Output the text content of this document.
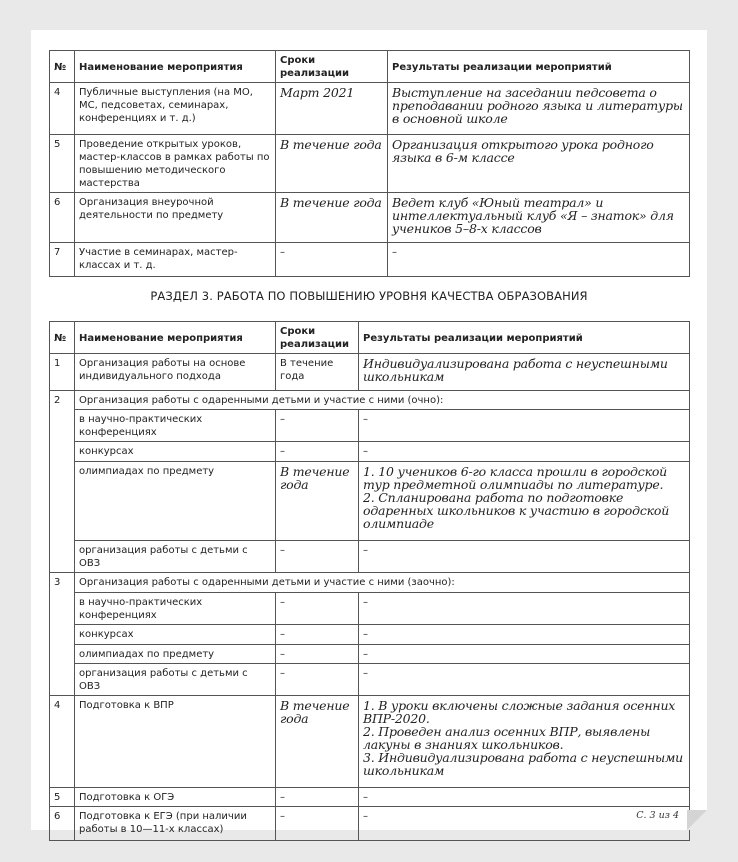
№	Наименование мероприятия	Сроки реализации	Результаты реализации мероприятий
4	Публичные выступления (на МО, МС, педсоветах, семинарах, конференциях и т. д.)	Март 2021	Выступление на заседании педсовета о преподавании родного языка и литературы в основной школе
5	Проведение открытых уроков, мастер-классов в рамках работы по повышению методического мастерства	В течение года	Организация открытого урока родного языка в 6-м классе
6	Организация внеурочной деятельности по предмету	В течение года	Ведет клуб «Юный театрал» и интеллектуальный клуб «Я – знаток» для учеников 5–8-х классов
7	Участие в семинарах, мастер-классах и т. д.	–	–
РАЗДЕЛ 3. РАБОТА ПО ПОВЫШЕНИЮ УРОВНЯ КАЧЕСТВА ОБРАЗОВАНИЯ
№	Наименование мероприятия	Сроки реализации	Результаты реализации мероприятий
1	Организация работы на основе индивидуального подхода	В течение года	Индивидуализирована работа с неуспешными школьникам
2	Организация работы с одаренными детьми и участие с ними (очно):		
	в научно-практических конференциях	–	–
	конкурсах	–	–
	олимпиадах по предмету	В течение года	1. 10 учеников 6-го класса прошли в городской тур предметной олимпиады по литературе.
2. Спланирована работа по подготовке одаренных школьников к участию в городской олимпиаде
	организация работы с детьми с ОВЗ	–	–
3	Организация работы с одаренными детьми и участие с ними (заочно):		
	в научно-практических конференциях	–	–
	конкурсах	–	–
	олимпиадах по предмету	–	–
	организация работы с детьми с ОВЗ	–	–
4	Подготовка к ВПР	В течение года	1. В уроки включены сложные задания осенних ВПР-2020.
2. Проведен анализ осенних ВПР, выявлены лакуны в знаниях школьников.
3. Индивидуализирована работа с неуспешными школьникам
5	Подготовка к ОГЭ	–	–
6	Подготовка к ЕГЭ (при наличии работы в 10—11-х классах)	–	–	С. 3 из 4
